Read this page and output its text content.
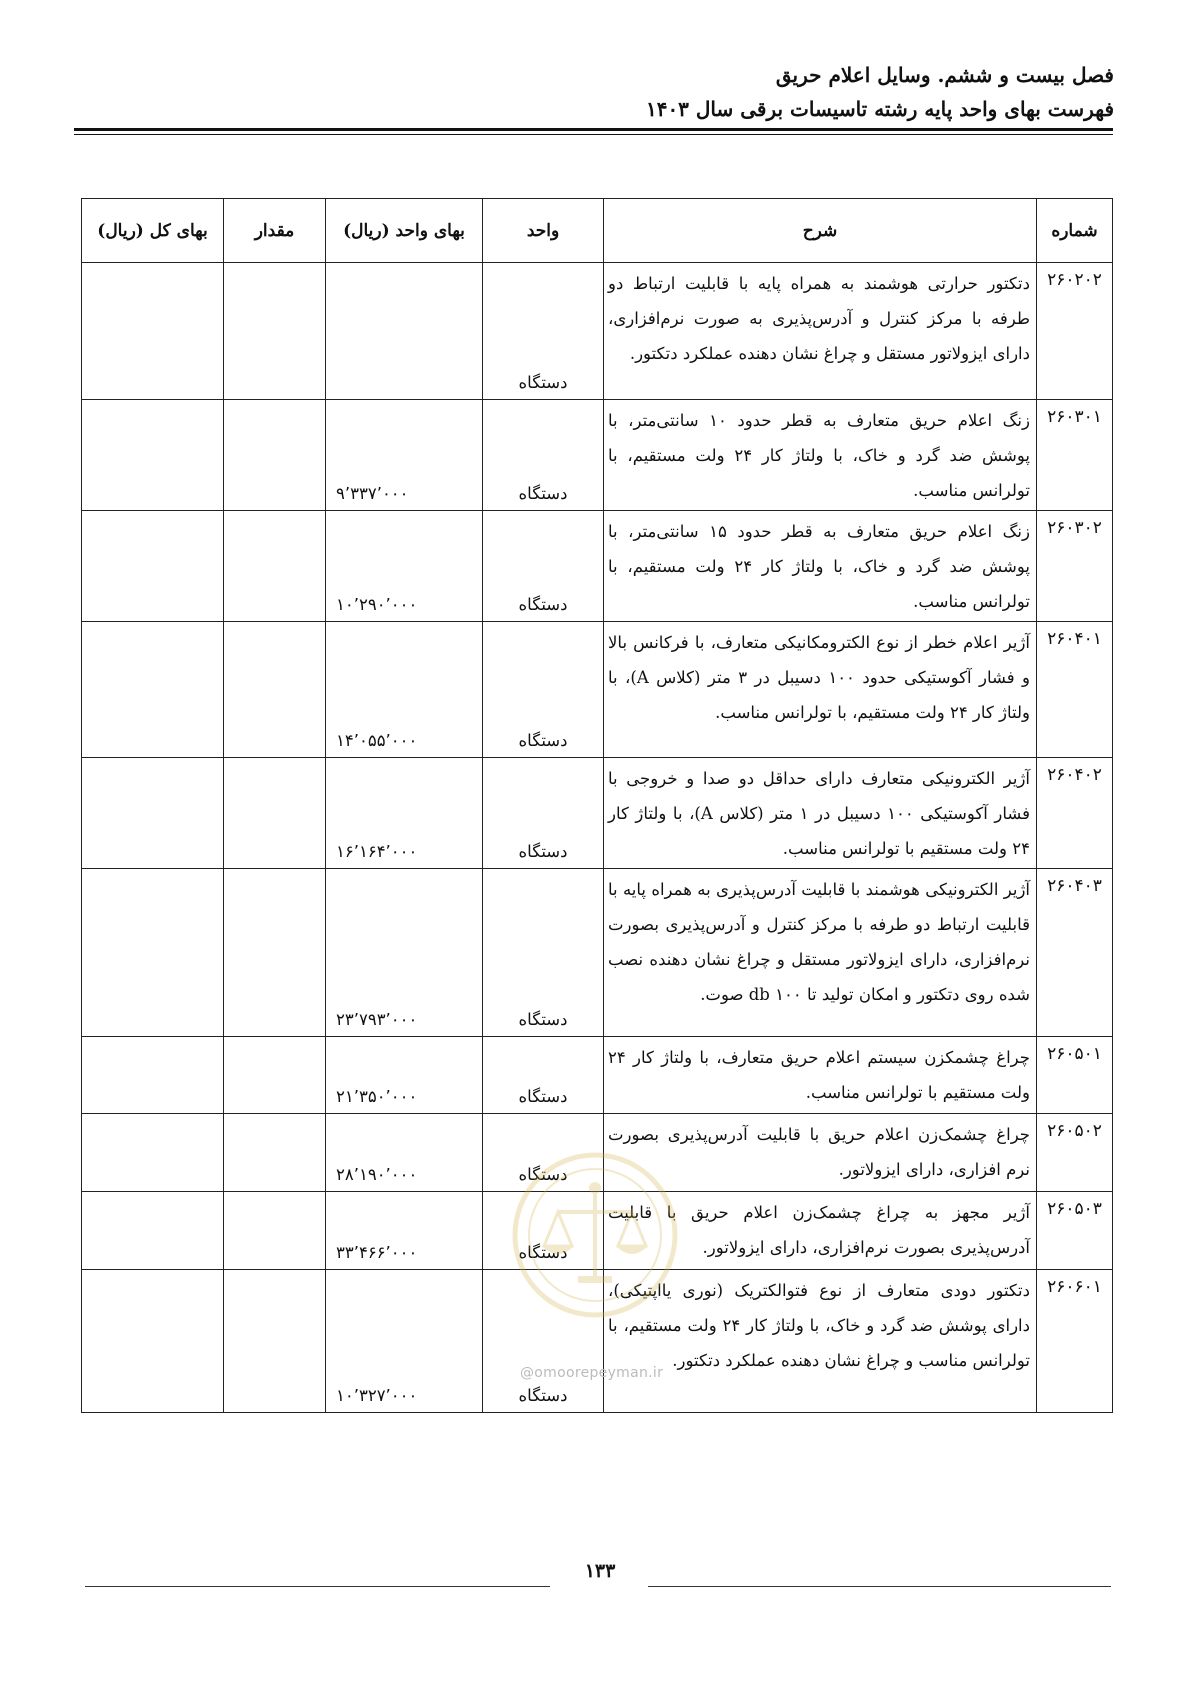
فصل بیست و ششم. وسایل اعلام حریق
فهرست بهای واحد پایه رشته تاسیسات برقی سال ۱۴۰۳
شماره	شرح	واحد	بهای واحد (ریال)	مقدار	بهای کل (ریال)
۲۶۰۲۰۲	دتکتور حرارتی هوشمند به همراه پایه با قابلیت ارتباط دو طرفه با مرکز کنترل و آدرس‌پذیری به صورت نرم‌افزاری، دارای ایزولاتور مستقل و چراغ نشان دهنده عملکرد دتکتور.	دستگاه			
۲۶۰۳۰۱	زنگ اعلام حریق متعارف به قطر حدود ۱۰ سانتی‌متر، با پوشش ضد گرد و خاک، با ولتاژ کار ۲۴ ولت مستقیم، با تولرانس مناسب.	دستگاه	۹٬۳۳۷٬۰۰۰		
۲۶۰۳۰۲	زنگ اعلام حریق متعارف به قطر حدود ۱۵ سانتی‌متر، با پوشش ضد گرد و خاک، با ولتاژ کار ۲۴ ولت مستقیم، با تولرانس مناسب.	دستگاه	۱۰٬۲۹۰٬۰۰۰		
۲۶۰۴۰۱	آژیر اعلام خطر از نوع الکترومکانیکی متعارف، با فرکانس بالا و فشار آکوستیکی حدود ۱۰۰ دسیبل در ۳ متر (کلاس A)، با ولتاژ کار ۲۴ ولت مستقیم، با تولرانس مناسب.	دستگاه	۱۴٬۰۵۵٬۰۰۰		
۲۶۰۴۰۲	آژیر الکترونیکی متعارف دارای حداقل دو صدا و خروجی با فشار آکوستیکی ۱۰۰ دسیبل در ۱ متر (کلاس A)، با ولتاژ کار ۲۴ ولت مستقیم با تولرانس مناسب.	دستگاه	۱۶٬۱۶۴٬۰۰۰		
۲۶۰۴۰۳	آژیر الکترونیکی هوشمند با قابلیت آدرس‌پذیری به همراه پایه با قابلیت ارتباط دو طرفه با مرکز کنترل و آدرس‌پذیری بصورت نرم‌افزاری، دارای ایزولاتور مستقل و چراغ نشان دهنده نصب شده روی دتکتور و امکان تولید تا ۱۰۰ db صوت.	دستگاه	۲۳٬۷۹۳٬۰۰۰		
۲۶۰۵۰۱	چراغ چشمکزن سیستم اعلام حریق متعارف، با ولتاژ کار ۲۴ ولت مستقیم با تولرانس مناسب.	دستگاه	۲۱٬۳۵۰٬۰۰۰		
۲۶۰۵۰۲	چراغ چشمک‌زن اعلام حریق با قابلیت آدرس‌پذیری بصورت نرم افزاری، دارای ایزولاتور.	دستگاه	۲۸٬۱۹۰٬۰۰۰		
۲۶۰۵۰۳	آژیر مجهز به چراغ چشمک‌زن اعلام حریق با قابلیت آدرس‌پذیری بصورت نرم‌افزاری، دارای ایزولاتور.	دستگاه	۳۳٬۴۶۶٬۰۰۰		
۲۶۰۶۰۱	دتکتور دودی متعارف از نوع فتوالکتریک (نوری یااپتیکی)، دارای پوشش ضد گرد و خاک، با ولتاژ کار ۲۴ ولت مستقیم، با تولرانس مناسب و چراغ نشان دهنده عملکرد دتکتور.	دستگاه	۱۰٬۳۲۷٬۰۰۰		
@omoorepeyman.ir
۱۳۳
